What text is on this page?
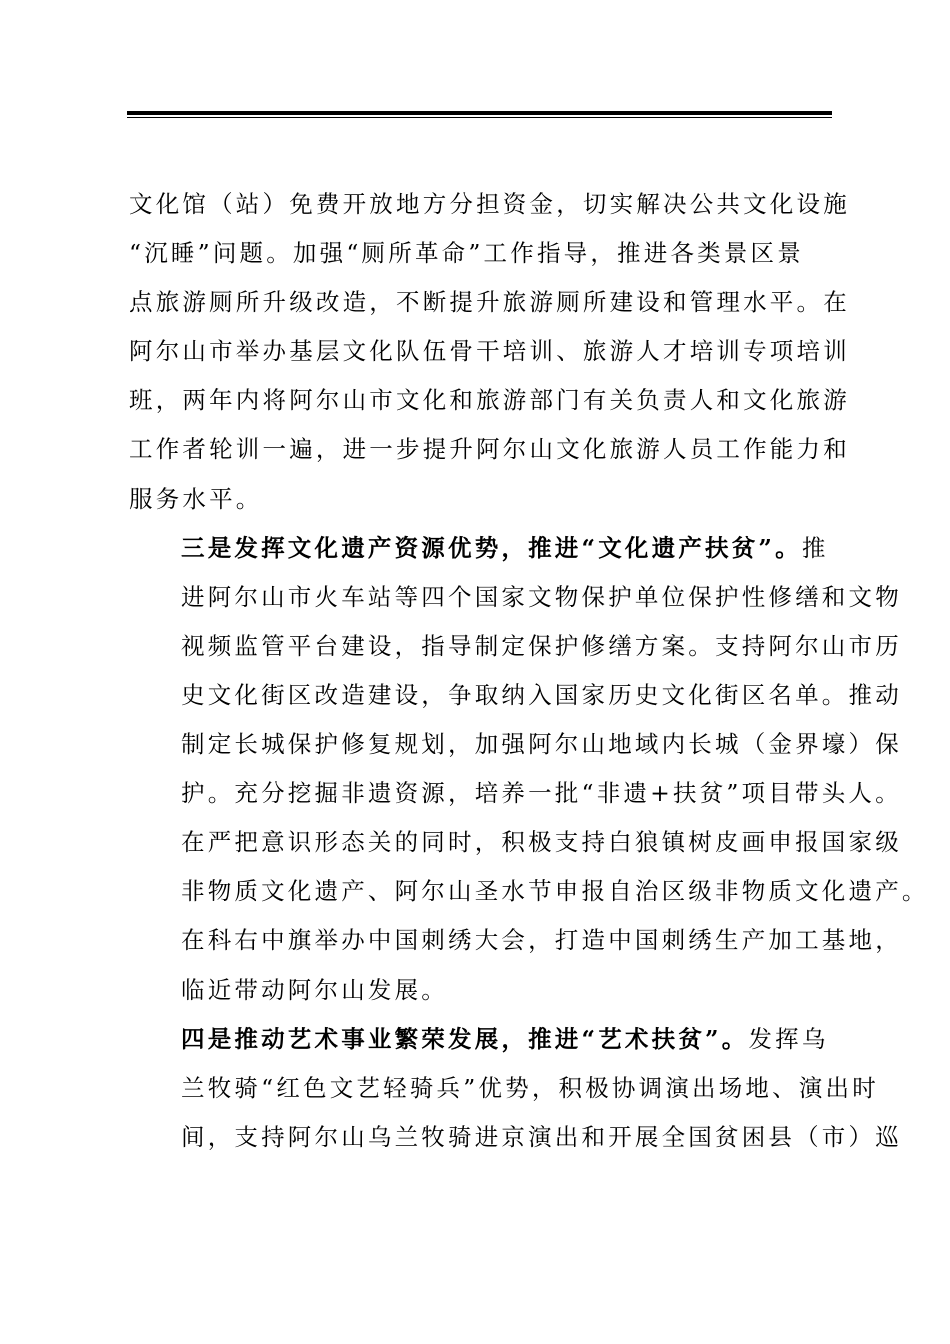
文化馆（站）免费开放地方分担资金，切实解决公共文化设施
“沉睡”问题。加强“厕所革命”工作指导，推进各类景区景
点旅游厕所升级改造，不断提升旅游厕所建设和管理水平。在
阿尔山市举办基层文化队伍骨干培训、旅游人才培训专项培训
班，两年内将阿尔山市文化和旅游部门有关负责人和文化旅游
工作者轮训一遍，进一步提升阿尔山文化旅游人员工作能力和
服务水平。

三是发挥文化遗产资源优势，推进“文化遗产扶贫”。推
进阿尔山市火车站等四个国家文物保护单位保护性修缮和文物
视频监管平台建设，指导制定保护修缮方案。支持阿尔山市历
史文化街区改造建设，争取纳入国家历史文化街区名单。推动
制定长城保护修复规划，加强阿尔山地域内长城（金界壕）保
护。充分挖掘非遗资源，培养一批“非遗+扶贫”项目带头人。
在严把意识形态关的同时，积极支持白狼镇树皮画申报国家级
非物质文化遗产、阿尔山圣水节申报自治区级非物质文化遗产。
在科右中旗举办中国刺绣大会，打造中国刺绣生产加工基地，
临近带动阿尔山发展。

四是推动艺术事业繁荣发展，推进“艺术扶贫”。发挥乌
兰牧骑“红色文艺轻骑兵”优势，积极协调演出场地、演出时
间，支持阿尔山乌兰牧骑进京演出和开展全国贫困县（市）巡
